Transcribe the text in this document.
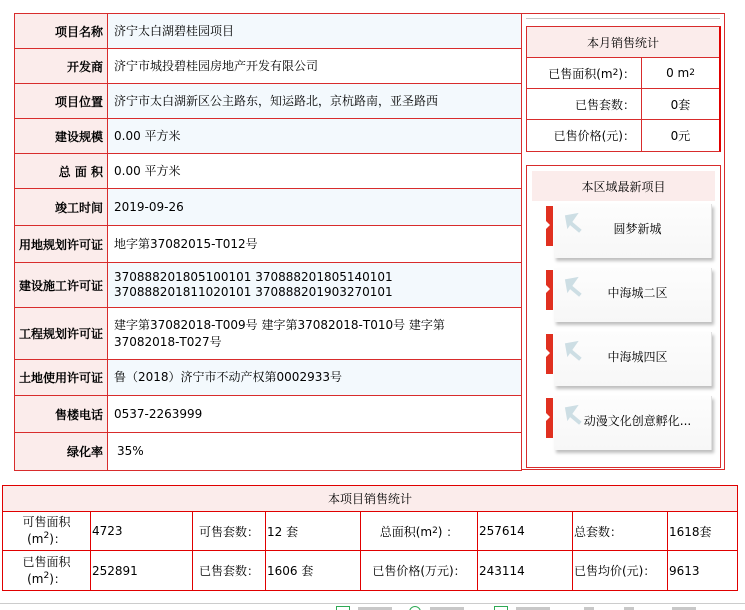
项目名称 济宁太白湖碧桂园项目
开发商 济宁市城投碧桂园房地产开发有限公司
项目位置 济宁市太白湖新区公主路东，知运路北，京杭路南，亚圣路西
建设规模 0.00 平方米
总 面 积 0.00 平方米
竣工时间 2019-09-26
用地规划许可证 地字第37082015-T012号
建设施工许可证
370888201805100101 370888201805140101 370888201811020101 370888201903270101
工程规划许可证
建字第37082018-T009号 建字第37082018-T010号 建字第37082018-T027号
土地使用许可证 鲁（2018）济宁市不动产权第0002933号
售楼电话 0537-2263999
绿化率	35%
本月销售统计
已售面积(m 2 )：	0 m 2
已售套数：	0套
已售价格(元)：	0元
本区域最新项目
圆梦新城
中海城二区
中海城四区
动漫文化创意孵化...
本项目销售统计
可售面积
$(m^2)$：
4723	可售套数： 12 套	总面积(m 2 ) ： 257614	总套数：	1618套
已售面积
$(m^2)$：
252891	已售套数： 1606 套	已售价格(万元)：	243114	已售均价(元)：	9613
